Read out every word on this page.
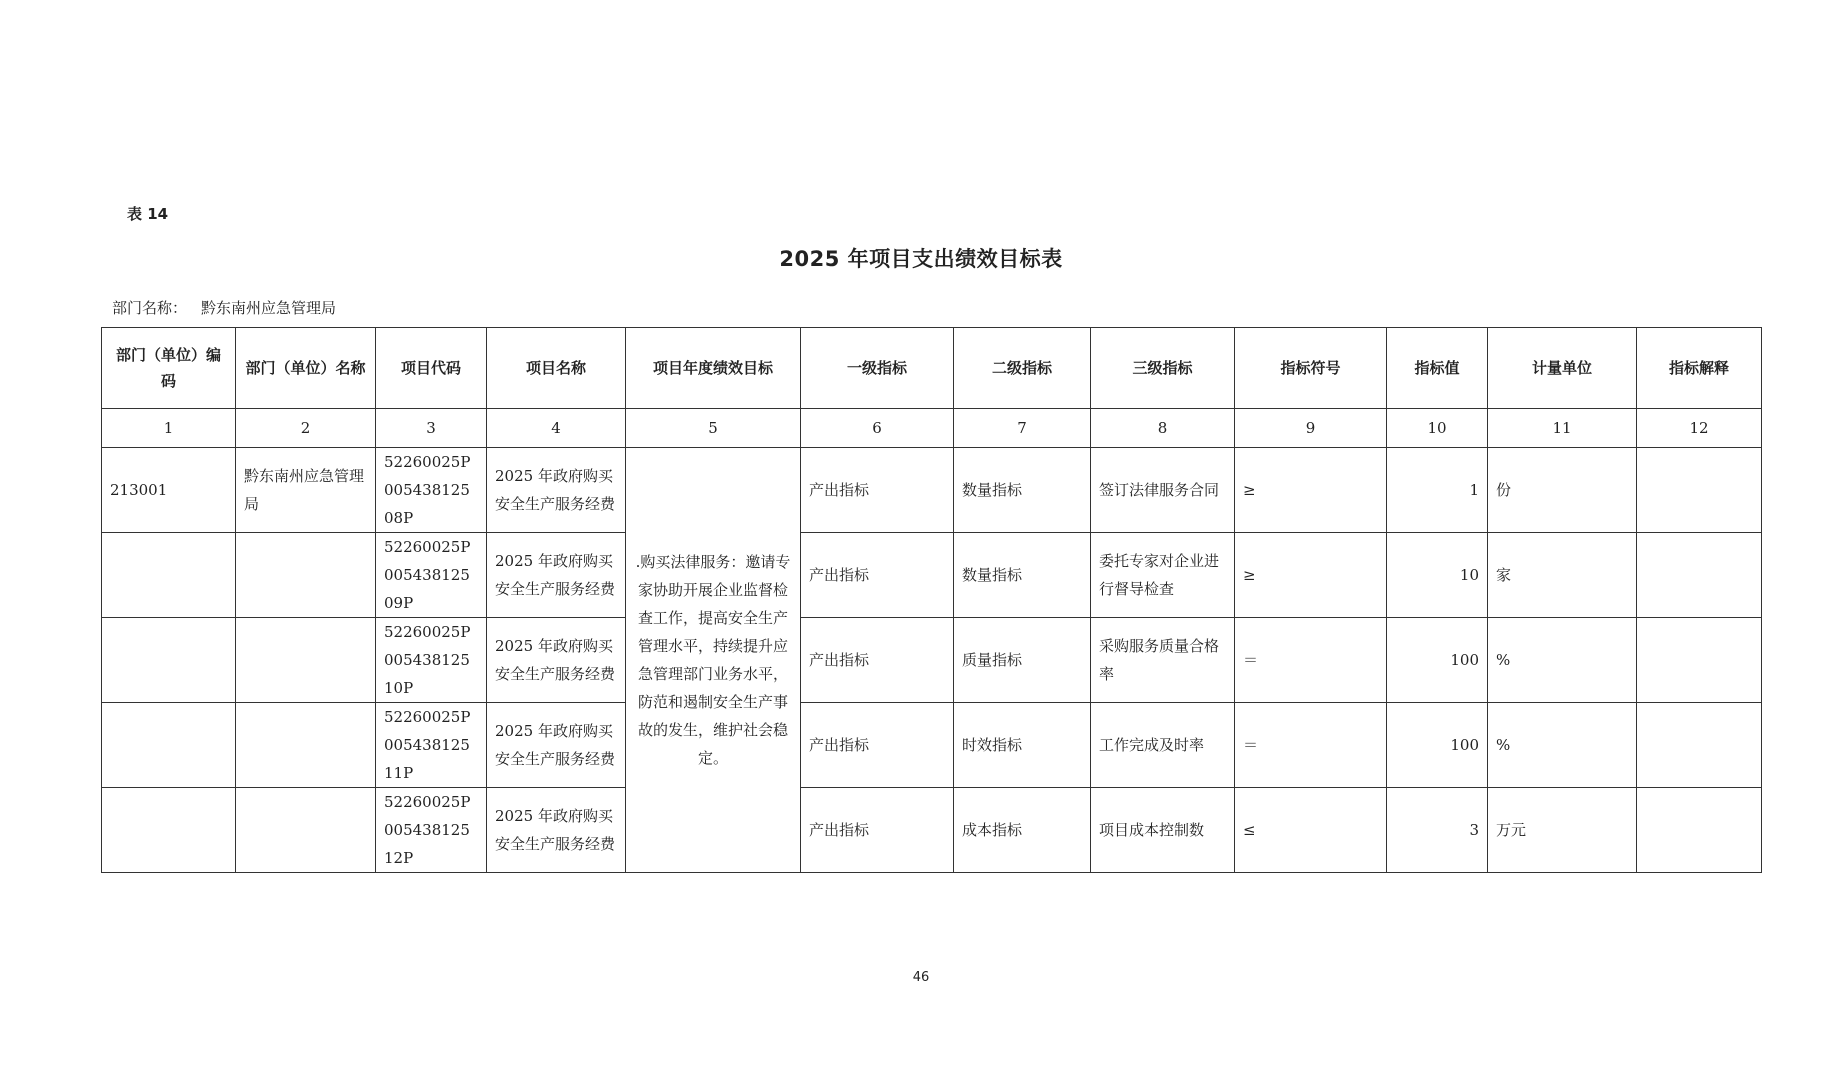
表 14
2025 年项目支出绩效目标表
部门名称： 黔东南州应急管理局
部门（单位）编码	部门（单位）名称	项目代码	项目名称	项目年度绩效目标	一级指标	二级指标	三级指标	指标符号	指标值	计量单位	指标解释
1	2	3	4	5	6	7	8	9	10	11	12
213001	黔东南州应急管理局	52260025P00543812508P	2025 年政府购买安全生产服务经费	.购买法律服务：邀请专家协助开展企业监督检查工作，提高安全生产管理水平，持续提升应急管理部门业务水平，防范和遏制安全生产事故的发生，维护社会稳定。	产出指标	数量指标	签订法律服务合同	≥	1	份	
		52260025P00543812509P	2025 年政府购买安全生产服务经费		产出指标	数量指标	委托专家对企业进行督导检查	≥	10	家	
		52260025P00543812510P	2025 年政府购买安全生产服务经费		产出指标	质量指标	采购服务质量合格率	＝	100	%	
		52260025P00543812511P	2025 年政府购买安全生产服务经费		产出指标	时效指标	工作完成及时率	＝	100	%	
		52260025P00543812512P	2025 年政府购买安全生产服务经费		产出指标	成本指标	项目成本控制数	≤	3	万元	
46
